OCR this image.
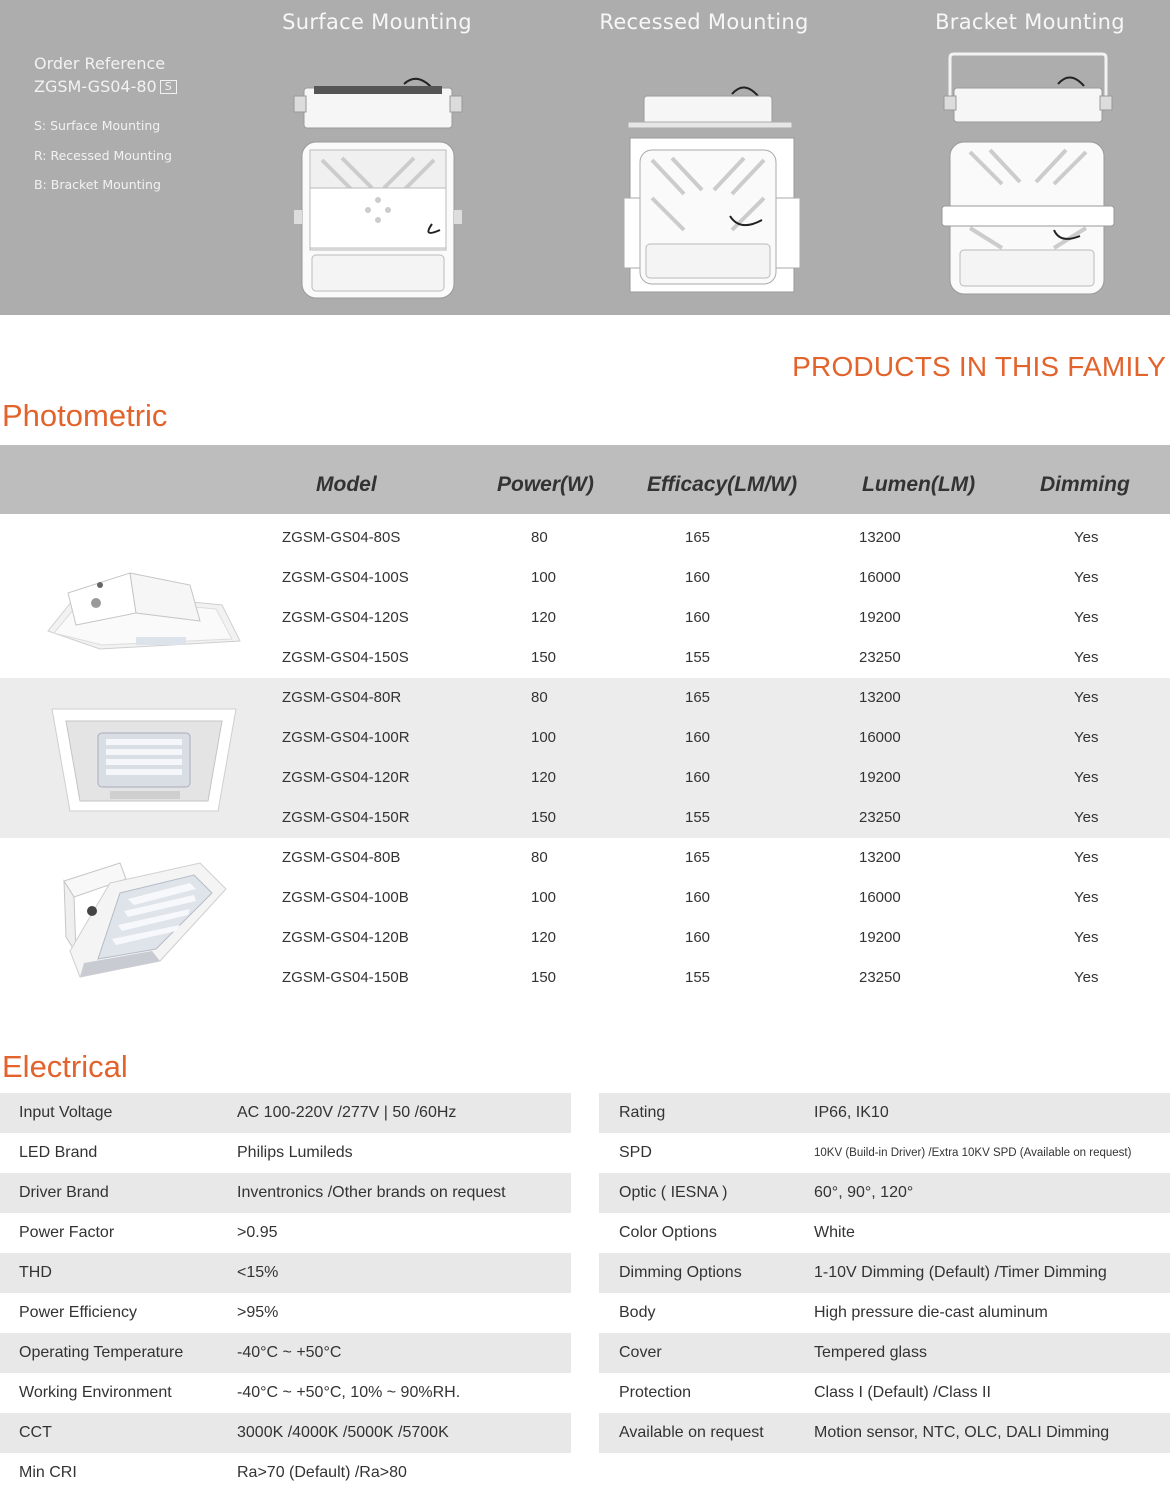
Order Reference
ZGSM-GS04-80 S
S: Surface Mounting
R: Recessed Mounting
B: Bracket Mounting
Surface Mounting	Recessed Mounting	Bracket Mounting
PRODUCTS IN THIS FAMILY
Photometric
Model	Power(W)	Efficacy(LM/W)	Lumen(LM)	Dimming
ZGSM-GS04-80S	80	165	13200	Yes
ZGSM-GS04-100S	100	160	16000	Yes
ZGSM-GS04-120S	120	160	19200	Yes
ZGSM-GS04-150S	150	155	23250	Yes
ZGSM-GS04-80R	80	165	13200	Yes
ZGSM-GS04-100R	100	160	16000	Yes
ZGSM-GS04-120R	120	160	19200	Yes
ZGSM-GS04-150R	150	155	23250	Yes
ZGSM-GS04-80B	80	165	13200	Yes
ZGSM-GS04-100B	100	160	16000	Yes
ZGSM-GS04-120B	120	160	19200	Yes
ZGSM-GS04-150B	150	155	23250	Yes
Electrical
Input Voltage	AC 100-220V /277V | 50 /60Hz
LED Brand	Philips Lumileds
Driver Brand	Inventronics /Other brands on request
Power Factor	>0.95
THD	<15%
Power Efficiency	>95%
Operating Temperature	-40°C ~ +50°C
Working Environment	-40°C ~ +50°C, 10% ~ 90%RH.
CCT	3000K /4000K /5000K /5700K
Min CRI	Ra>70 (Default) /Ra>80
Rating	IP66, IK10
SPD	10KV (Build-in Driver) /Extra 10KV SPD (Available on request)
Optic ( IESNA )	60°, 90°, 120°
Color Options	White
Dimming Options	1-10V Dimming (Default) /Timer Dimming
Body	High pressure die-cast aluminum
Cover	Tempered glass
Protection	Class I (Default) /Class II
Available on request	Motion sensor, NTC, OLC, DALI Dimming
